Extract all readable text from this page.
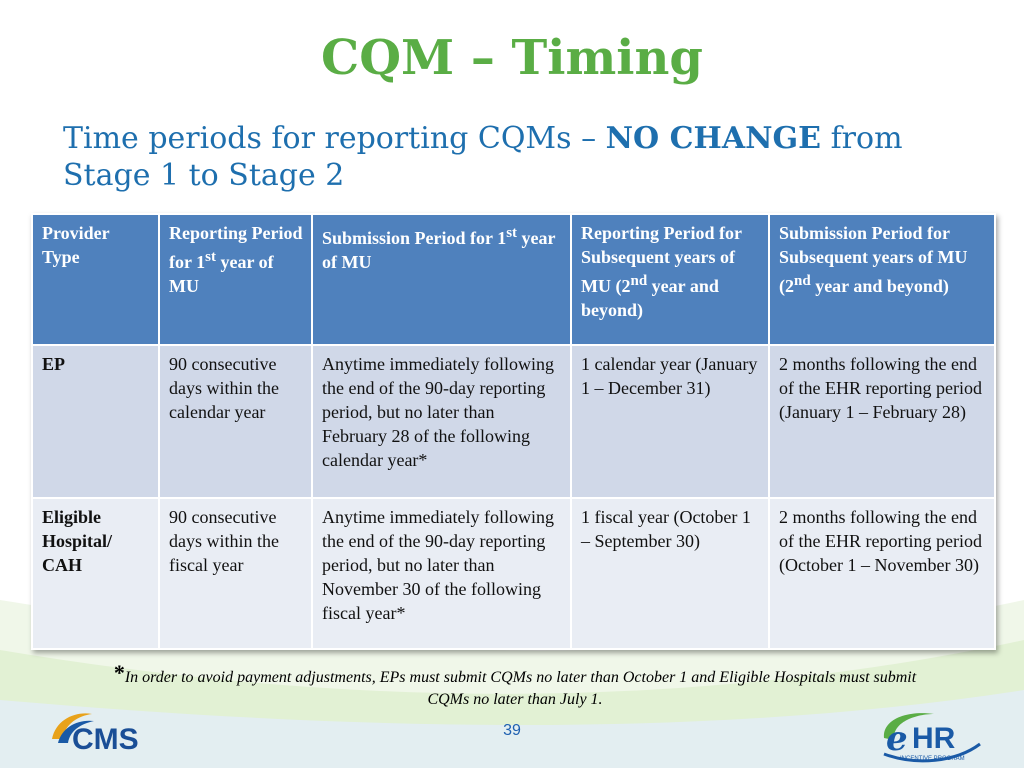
CQM – Timing
Time periods for reporting CQMs – NO CHANGE from Stage 1 to Stage 2
Provider Type	Reporting Period for 1st year of MU	Submission Period for 1st year of MU	Reporting Period for Subsequent years of MU (2nd year and beyond)	Submission Period for Subsequent years of MU (2nd year and beyond)
EP	90 consecutive days within the calendar year	Anytime immediately following the end of the 90-day reporting period, but no later than February 28 of the following calendar year*	1 calendar year (January 1 – December 31)	2 months following the end of the EHR reporting period (January 1 – February 28)
Eligible Hospital/ CAH	90 consecutive days within the fiscal year	Anytime immediately following the end of the 90-day reporting period, but no later than November 30 of the following fiscal year*	1 fiscal year (October 1 – September 30)	2 months following the end of the EHR reporting period (October 1 – November 30)
*In order to avoid payment adjustments, EPs must submit CQMs no later than October 1 and Eligible Hospitals must submit CQMs no later than July 1.
39
CMS	e HR
INCENTIVE PROGRAM
